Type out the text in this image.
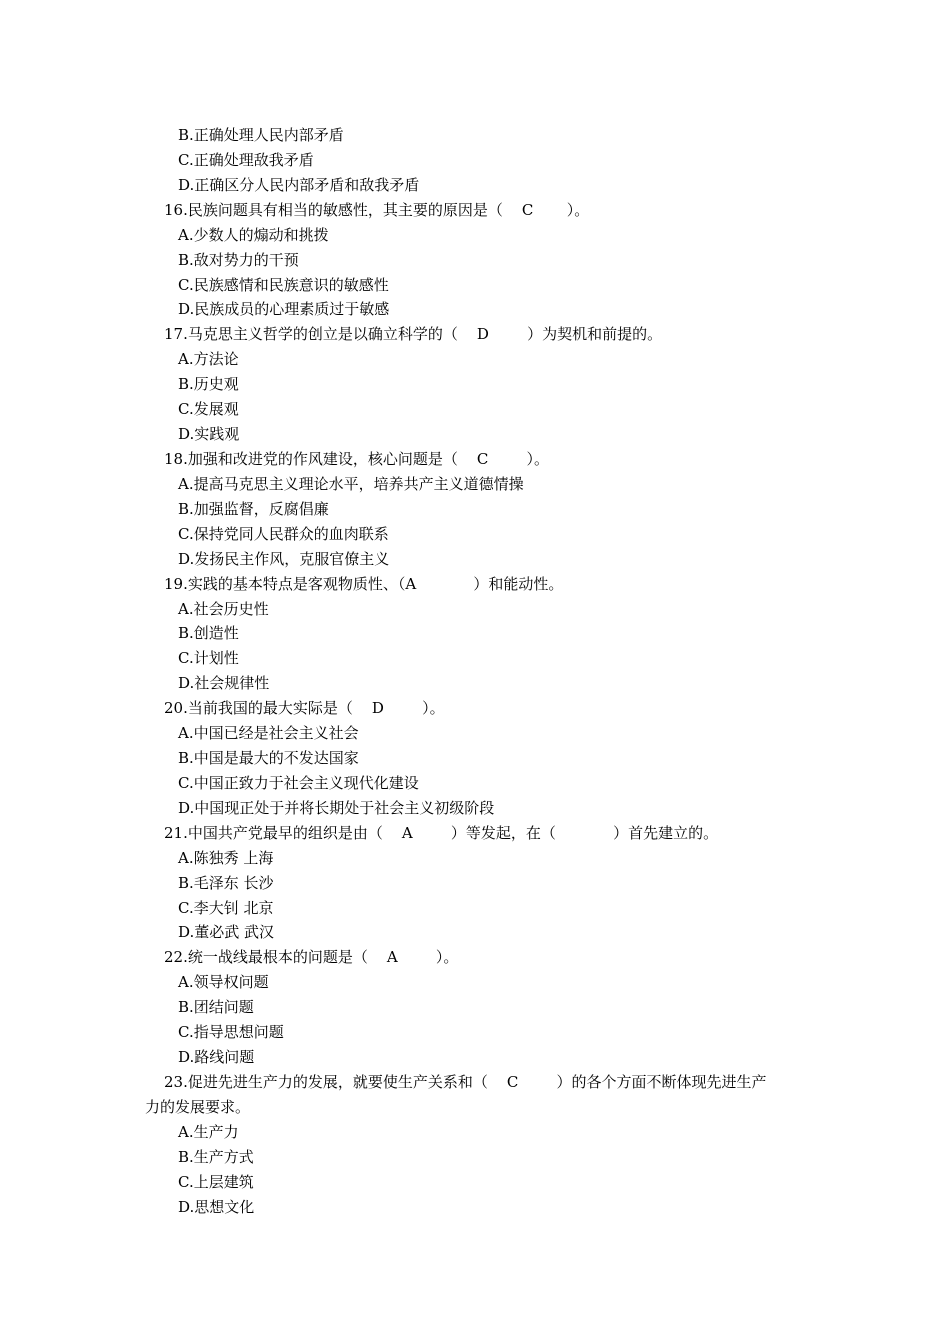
B.正确处理人民内部矛盾
C.正确处理敌我矛盾
D.正确区分人民内部矛盾和敌我矛盾
16.民族问题具有相当的敏感性，其主要的原因是（    C       ）。
A.少数人的煽动和挑拨
B.敌对势力的干预
C.民族感情和民族意识的敏感性
D.民族成员的心理素质过于敏感
17.马克思主义哲学的创立是以确立科学的（    D        ）为契机和前提的。
A.方法论
B.历史观
C.发展观
D.实践观
18.加强和改进党的作风建设，核心问题是（    C        ）。
A.提高马克思主义理论水平，培养共产主义道德情操
B.加强监督，反腐倡廉
C.保持党同人民群众的血肉联系
D.发扬民主作风，克服官僚主义
19.实践的基本特点是客观物质性、（A            ）和能动性。
A.社会历史性
B.创造性
C.计划性
D.社会规律性
20.当前我国的最大实际是（    D        ）。
A.中国已经是社会主义社会
B.中国是最大的不发达国家
C.中国正致力于社会主义现代化建设
D.中国现正处于并将长期处于社会主义初级阶段
21.中国共产党最早的组织是由（    A        ）等发起，在（            ）首先建立的。
A.陈独秀 上海
B.毛泽东 长沙
C.李大钊 北京
D.董必武 武汉
22.统一战线最根本的问题是（    A        ）。
A.领导权问题
B.团结问题
C.指导思想问题
D.路线问题
23.促进先进生产力的发展，就要使生产关系和（    C        ）的各个方面不断体现先进生产
力的发展要求。
A.生产力
B.生产方式
C.上层建筑
D.思想文化
